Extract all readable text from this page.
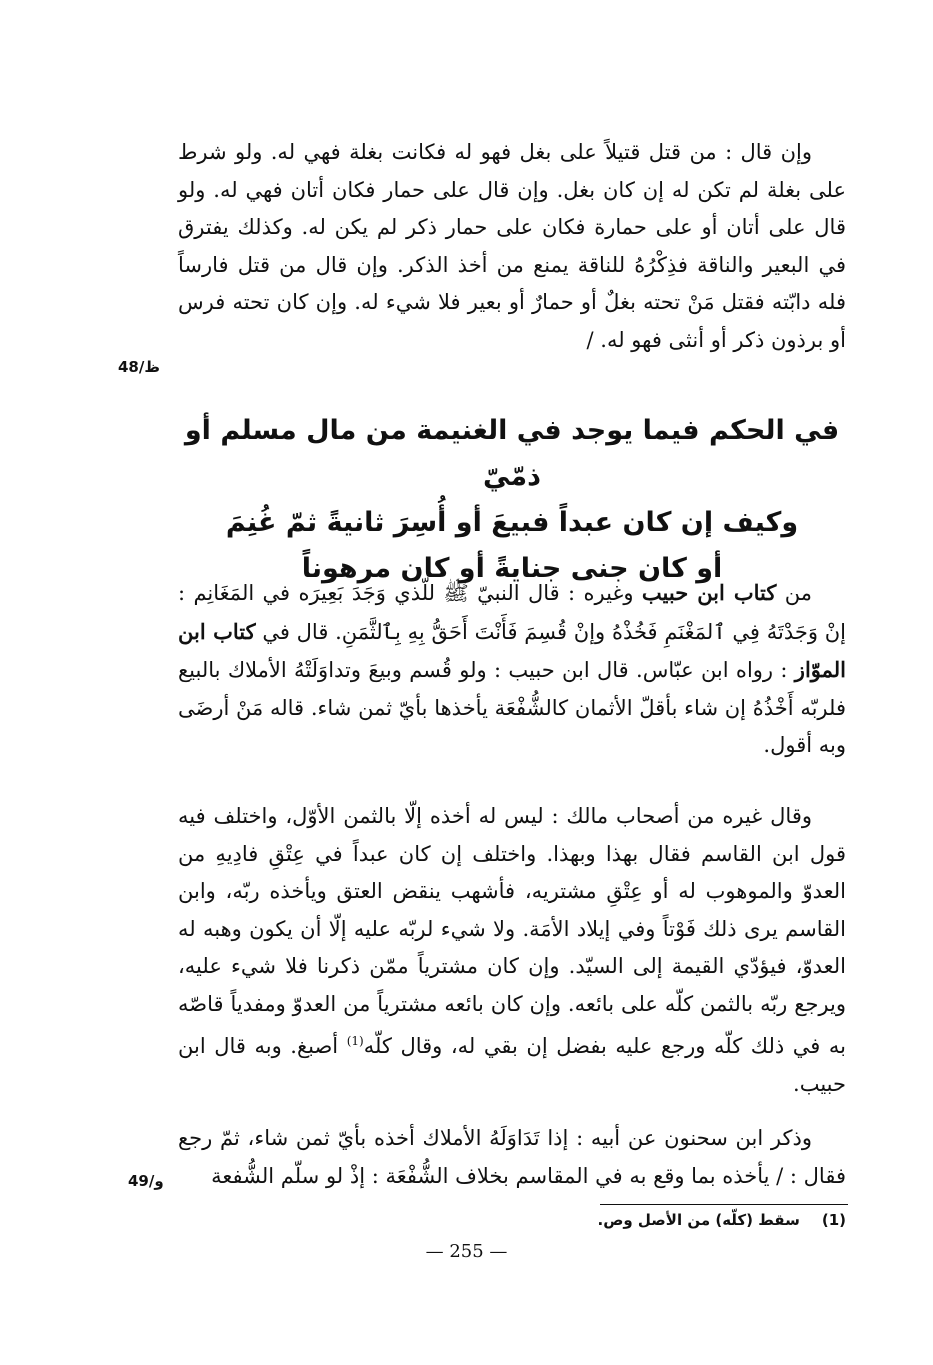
وإن قال : من قتل قتيلاً على بغل فهو له فكانت بغلة فهي له. ولو شرط على بغلة لم تكن له إن كان بغل. وإن قال على حمار فكان أتان فهي له. ولو قال على أتان أو على حمارة فكان على حمار ذكر لم يكن له. وكذلك يفترق في البعير والناقة فذِكْرُهُ للناقة يمنع من أخذ الذكر. وإن قال من قتل فارساً فله دابّته فقتل مَنْ تحته بغلٌ أو حمارٌ أو بعير فلا شيء له. وإن كان تحته فرس أو برذون ذكر أو أنثى فهو له. /

48/ظ
في الحكم فيما يوجد في الغنيمة من مال مسلم أو ذمّيّ
وكيف إن كان عبداً فبيعَ أو أُسِرَ ثانيةً ثمّ غُنِمَ
أو كان جنى جنايةً أو كان مرهوناً

من كتاب ابن حبيب وغيره : قال النبيّ ﷺ للّذي وَجَدَ بَعِيرَه في المَغَانِم : إنْ وَجَدْتَهُ فِي ٱلمَغْنَمِ فَخُذْهُ وإنْ قُسِمَ فَأَنْتَ أَحَقُّ بِهِ بِٱلثَّمَنِ. قال في كتاب ابن الموّاز : رواه ابن عبّاس. قال ابن حبيب : ولو قُسم وبيعَ وتداوَلَتْهُ الأملاك بالبيع فلربّه أَخْذُهُ إن شاء بأقلّ الأثمان كالشُّفْعَة يأخذها بأيّ ثمن شاء. قاله مَنْ أرضَى وبه أقول.

وقال غيره من أصحاب مالك : ليس له أخذه إلّا بالثمن الأوّل، واختلف فيه قول ابن القاسم فقال بهذا وبهذا. واختلف إن كان عبداً في عِتْقِ فادِيهِ من العدوّ والموهوب له أو عِتْقِ مشتريه، فأشهب ينقض العتق ويأخذه ربّه، وابن القاسم يرى ذلك فَوْتاً وفي إيلاد الأمَة. ولا شيء لربّه عليه إلّا أن يكون وهبه له العدوّ، فيؤدّي القيمة إلى السيّد. وإن كان مشترياً ممّن ذكرنا فلا شيء عليه، ويرجع ربّه بالثمن كلّه على بائعه. وإن كان بائعه مشترياً من العدوّ ومفدياً قاصّه به في ذلك كلّه ورجع عليه بفضل إن بقي له، وقال كلّه$^{(1)}$ أصبغ. وبه قال ابن حبيب.

وذكر ابن سحنون عن أبيه : إذا تَدَاوَلَهُ الأملاك أخذه بأيّ ثمن شاء، ثمّ رجع فقال : / يأخذه بما وقع به في المقاسم بخلاف الشُّفْعَة : إذْ لو سلّم الشُّفعة

49/و
(1)سقط (كلّه) من الأصل وص.
— 255 —
